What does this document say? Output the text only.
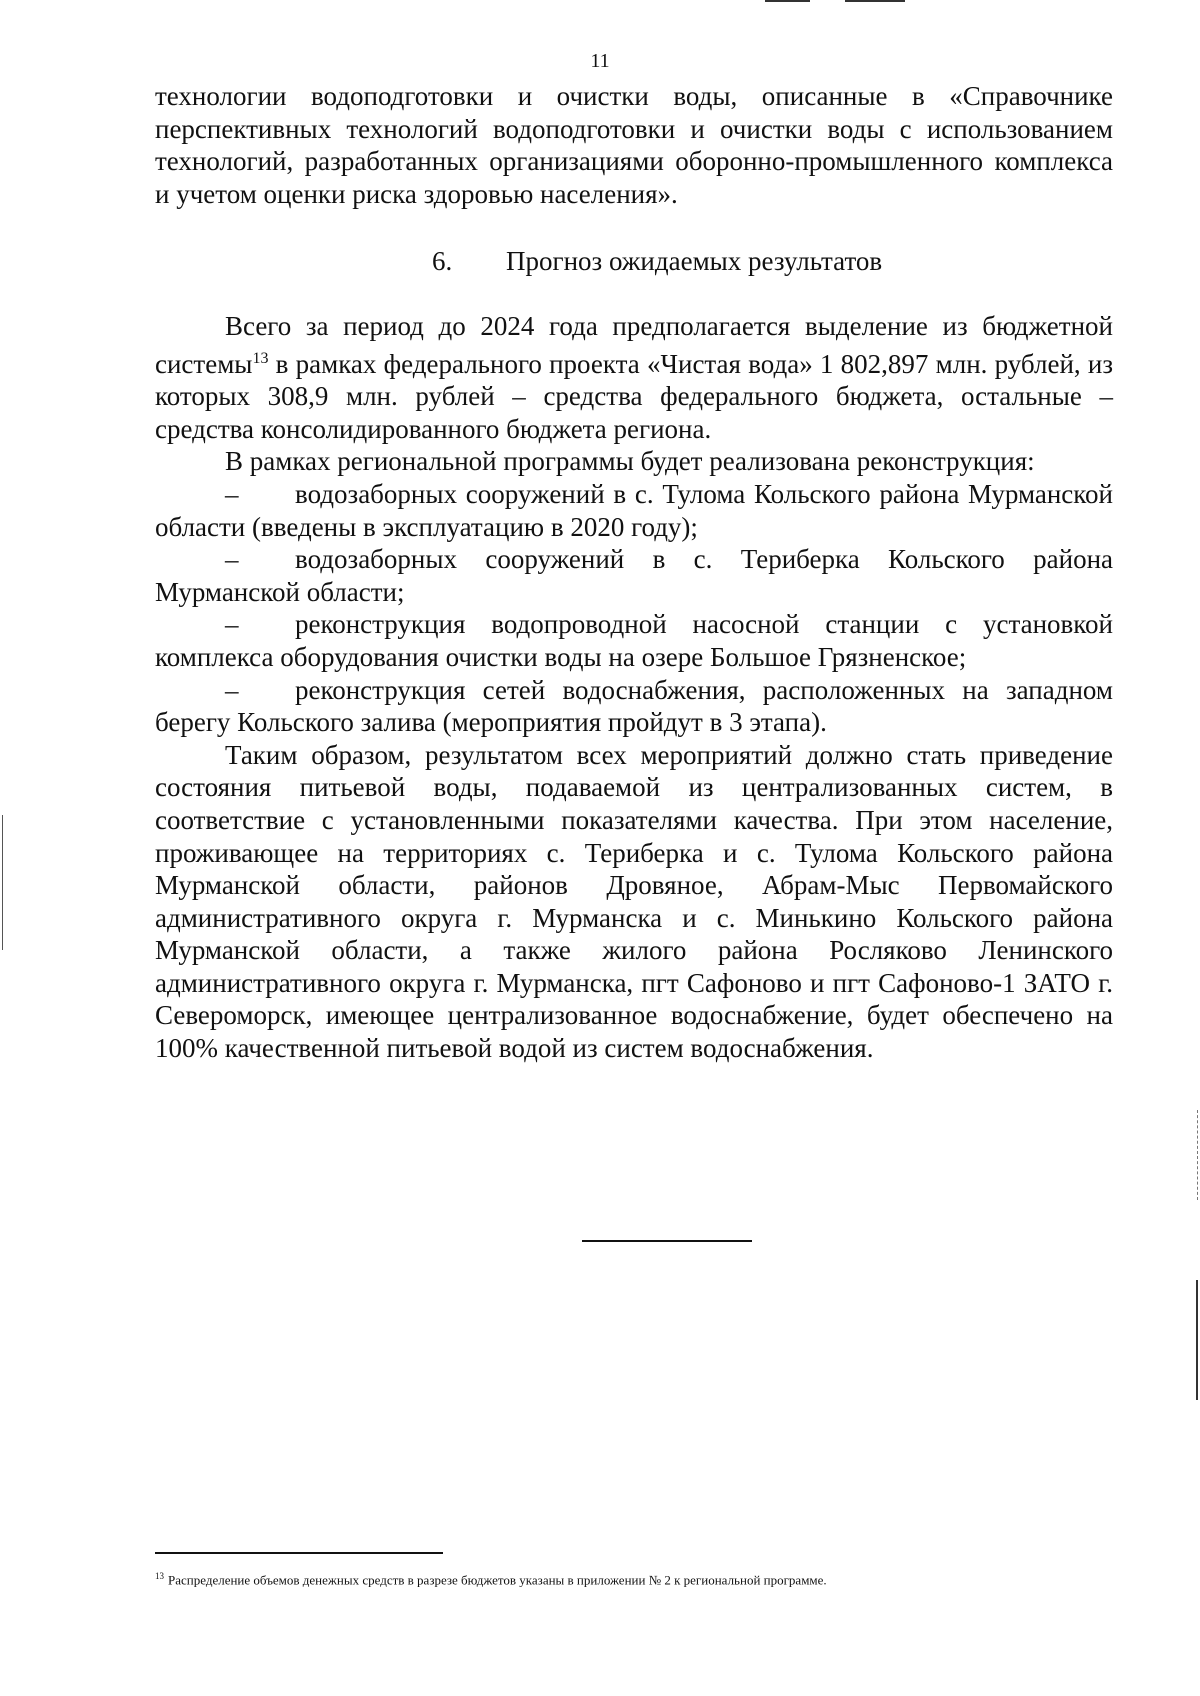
11

технологии водоподготовки и очистки воды, описанные в «Справочнике перспективных технологий водоподготовки и очистки воды с использованием технологий, разработанных организациями оборонно-промышленного комплекса и учетом оценки риска здоровью населения».

6. Прогноз ожидаемых результатов

Всего за период до 2024 года предполагается выделение из бюджетной системы$^{13}$ в рамках федерального проекта «Чистая вода» 1 802,897 млн. рублей, из которых 308,9 млн. рублей – средства федерального бюджета, остальные – средства консолидированного бюджета региона.

В рамках региональной программы будет реализована реконструкция:

– водозаборных сооружений в с. Тулома Кольского района Мурманской области (введены в эксплуатацию в 2020 году);

– водозаборных сооружений в с. Териберка Кольского района Мурманской области;

– реконструкция водопроводной насосной станции с установкой комплекса оборудования очистки воды на озере Большое Грязненское;

– реконструкция сетей водоснабжения, расположенных на западном берегу Кольского залива (мероприятия пройдут в 3 этапа).

Таким образом, результатом всех мероприятий должно стать приведение состояния питьевой воды, подаваемой из централизованных систем, в соответствие с установленными показателями качества. При этом население, проживающее на территориях с. Териберка и с. Тулома Кольского района Мурманской области, районов Дровяное, Абрам-Мыс Первомайского административного округа г. Мурманска и с. Минькино Кольского района Мурманской области, а также жилого района Росляково Ленинского административного округа г. Мурманска, пгт Сафоново и пгт Сафоново-1 ЗАТО г. Североморск, имеющее централизованное водоснабжение, будет обеспечено на 100% качественной питьевой водой из систем водоснабжения.

$^{13}$ Распределение объемов денежных средств в разрезе бюджетов указаны в приложении № 2 к региональной программе.
